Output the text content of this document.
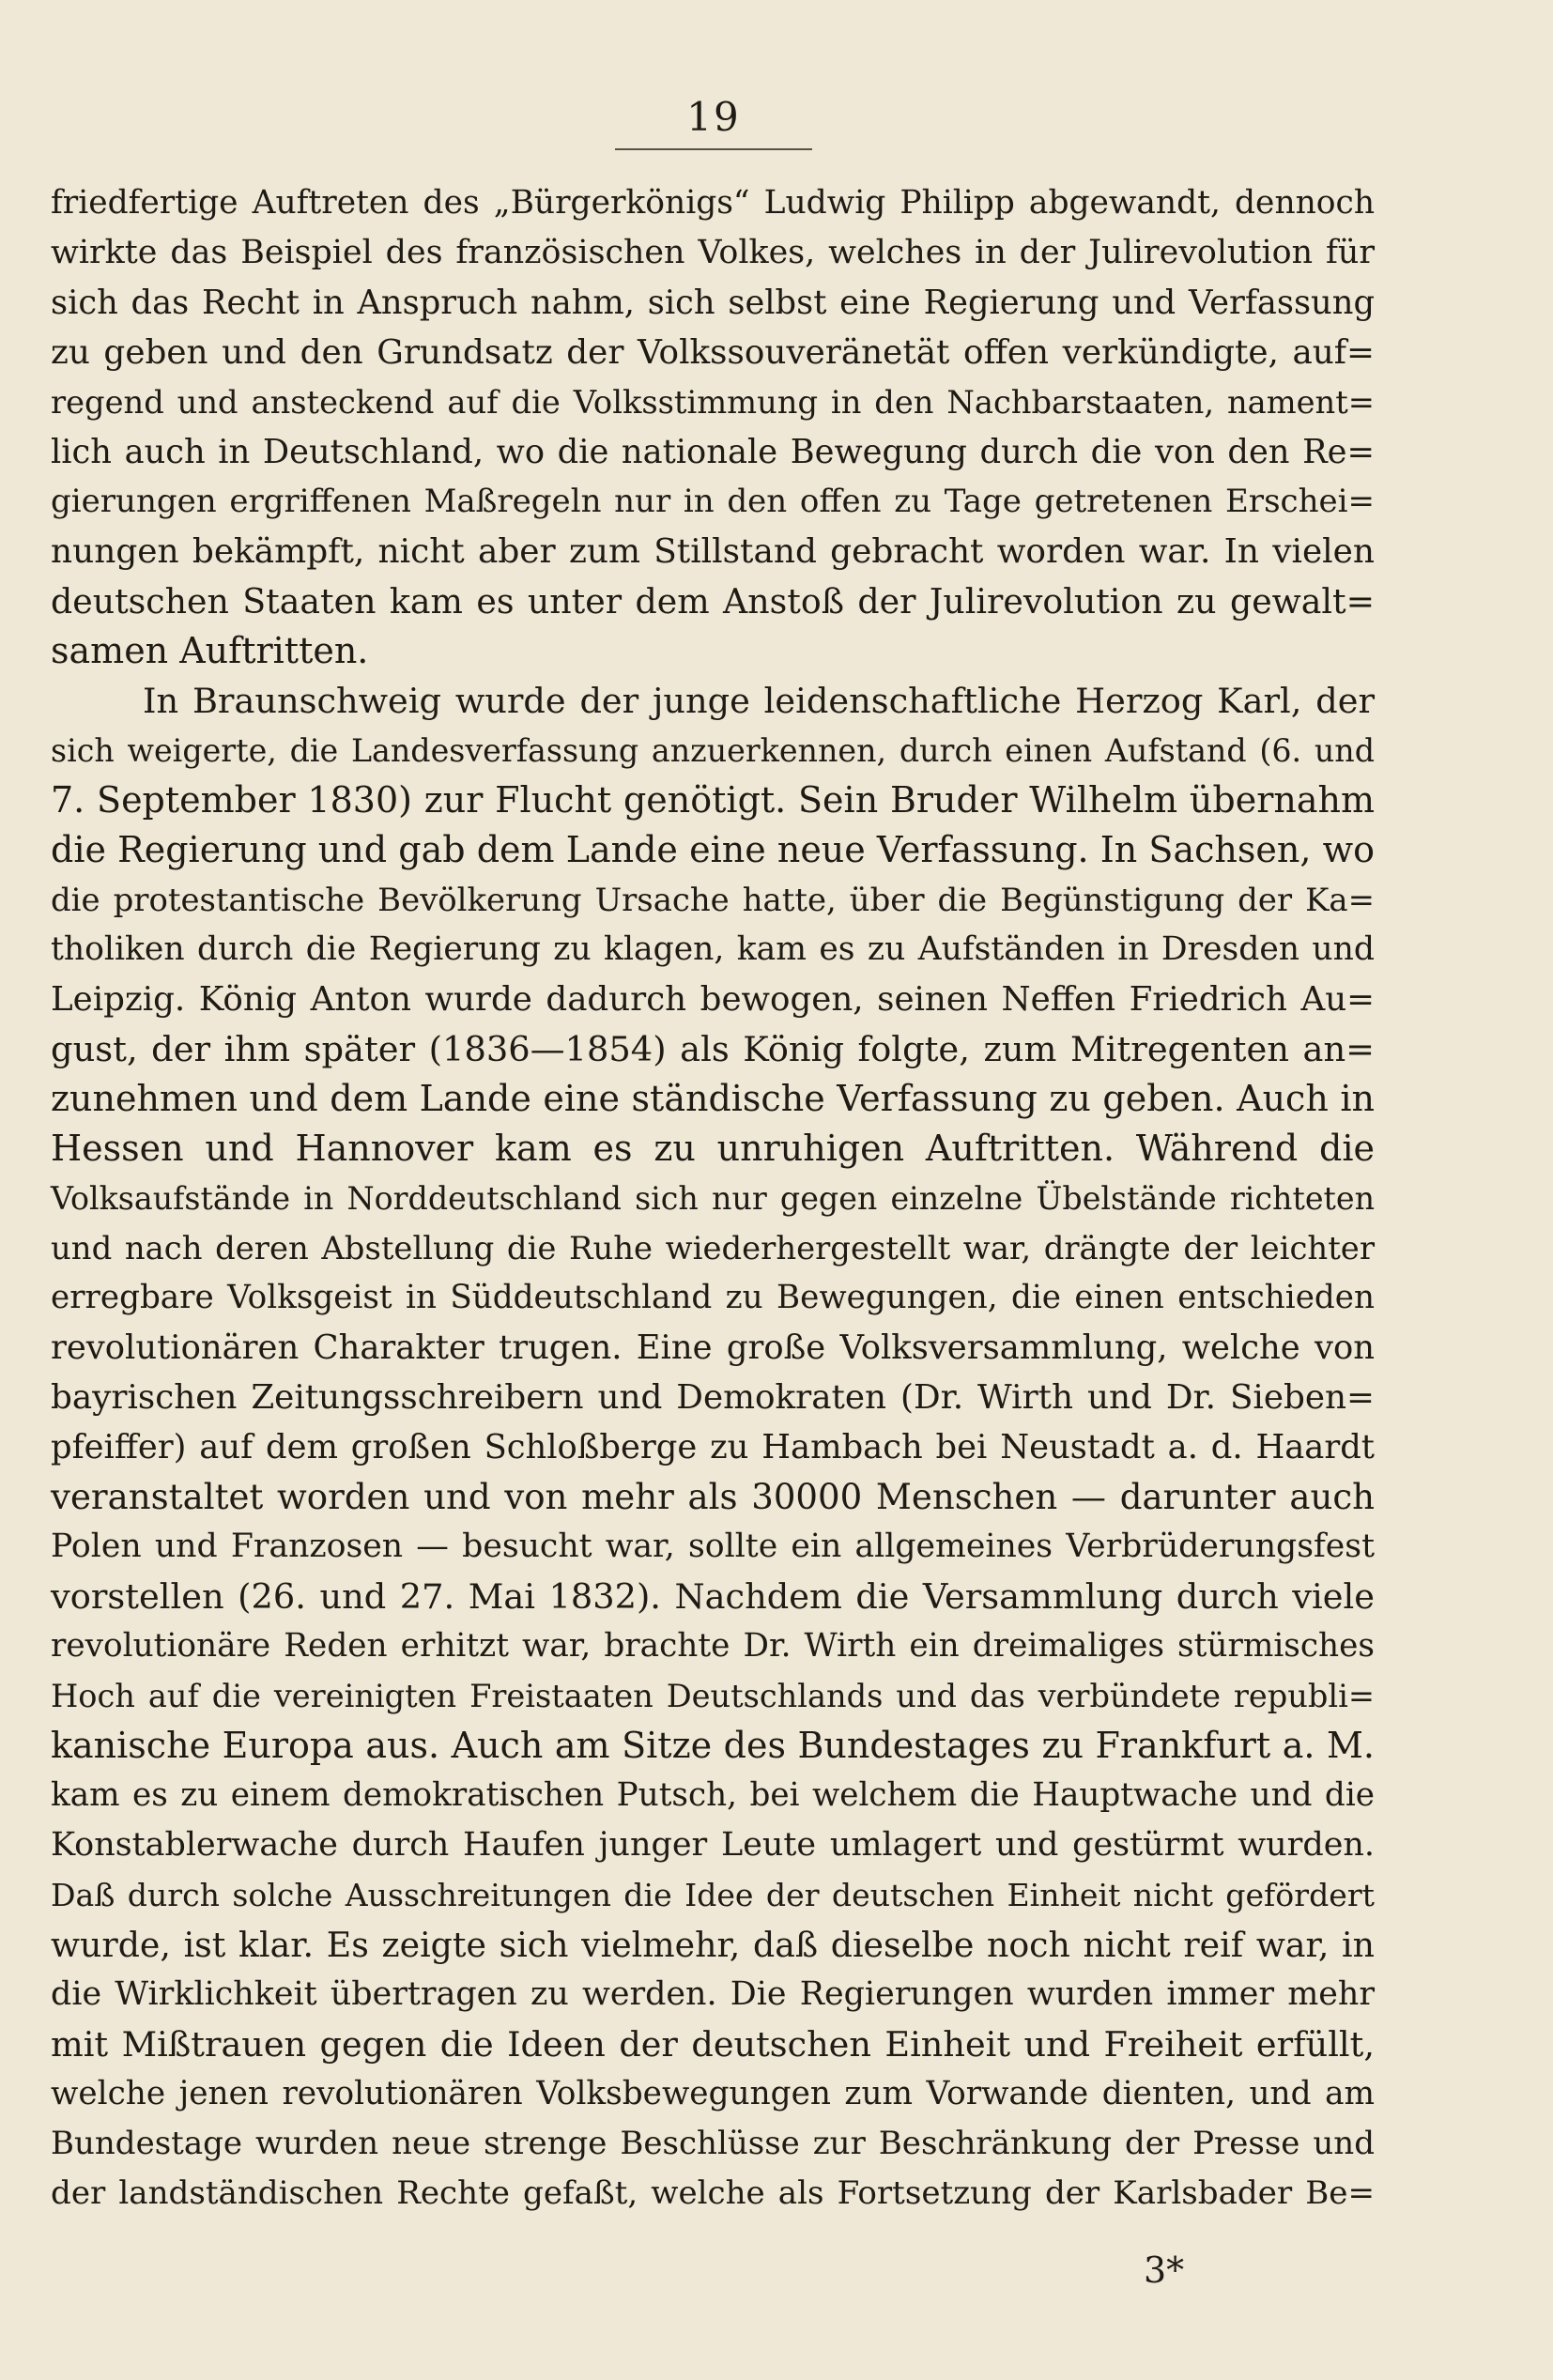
19

friedfertige Auftreten des „Bürgerkönigs“ Ludwig Philipp abgewandt, dennoch
wirkte das Beispiel des französischen Volkes, welches in der Julirevolution für
sich das Recht in Anspruch nahm, sich selbst eine Regierung und Verfassung
zu geben und den Grundsatz der Volkssouveränetät offen verkündigte, auf=
regend und ansteckend auf die Volksstimmung in den Nachbarstaaten, nament=
lich auch in Deutschland, wo die nationale Bewegung durch die von den Re=
gierungen ergriffenen Maßregeln nur in den offen zu Tage getretenen Erschei=
nungen bekämpft, nicht aber zum Stillstand gebracht worden war. In vielen
deutschen Staaten kam es unter dem Anstoß der Julirevolution zu gewalt=
samen Auftritten.

In Braunschweig wurde der junge leidenschaftliche Herzog Karl, der
sich weigerte, die Landesverfassung anzuerkennen, durch einen Aufstand (6. und
7. September 1830) zur Flucht genötigt. Sein Bruder Wilhelm übernahm
die Regierung und gab dem Lande eine neue Verfassung. In Sachsen, wo
die protestantische Bevölkerung Ursache hatte, über die Begünstigung der Ka=
tholiken durch die Regierung zu klagen, kam es zu Aufständen in Dresden und
Leipzig. König Anton wurde dadurch bewogen, seinen Neffen Friedrich Au=
gust, der ihm später (1836—1854) als König folgte, zum Mitregenten an=
zunehmen und dem Lande eine ständische Verfassung zu geben. Auch in
Hessen und Hannover kam es zu unruhigen Auftritten. Während die
Volksaufstände in Norddeutschland sich nur gegen einzelne Übelstände richteten
und nach deren Abstellung die Ruhe wiederhergestellt war, drängte der leichter
erregbare Volksgeist in Süddeutschland zu Bewegungen, die einen entschieden
revolutionären Charakter trugen. Eine große Volksversammlung, welche von
bayrischen Zeitungsschreibern und Demokraten (Dr. Wirth und Dr. Sieben=
pfeiffer) auf dem großen Schloßberge zu Hambach bei Neustadt a. d. Haardt
veranstaltet worden und von mehr als 30000 Menschen — darunter auch
Polen und Franzosen — besucht war, sollte ein allgemeines Verbrüderungsfest
vorstellen (26. und 27. Mai 1832). Nachdem die Versammlung durch viele
revolutionäre Reden erhitzt war, brachte Dr. Wirth ein dreimaliges stürmisches
Hoch auf die vereinigten Freistaaten Deutschlands und das verbündete republi=
kanische Europa aus. Auch am Sitze des Bundestages zu Frankfurt a. M.
kam es zu einem demokratischen Putsch, bei welchem die Hauptwache und die
Konstablerwache durch Haufen junger Leute umlagert und gestürmt wurden.
Daß durch solche Ausschreitungen die Idee der deutschen Einheit nicht gefördert
wurde, ist klar. Es zeigte sich vielmehr, daß dieselbe noch nicht reif war, in
die Wirklichkeit übertragen zu werden. Die Regierungen wurden immer mehr
mit Mißtrauen gegen die Ideen der deutschen Einheit und Freiheit erfüllt,
welche jenen revolutionären Volksbewegungen zum Vorwande dienten, und am
Bundestage wurden neue strenge Beschlüsse zur Beschränkung der Presse und
der landständischen Rechte gefaßt, welche als Fortsetzung der Karlsbader Be=

3*
